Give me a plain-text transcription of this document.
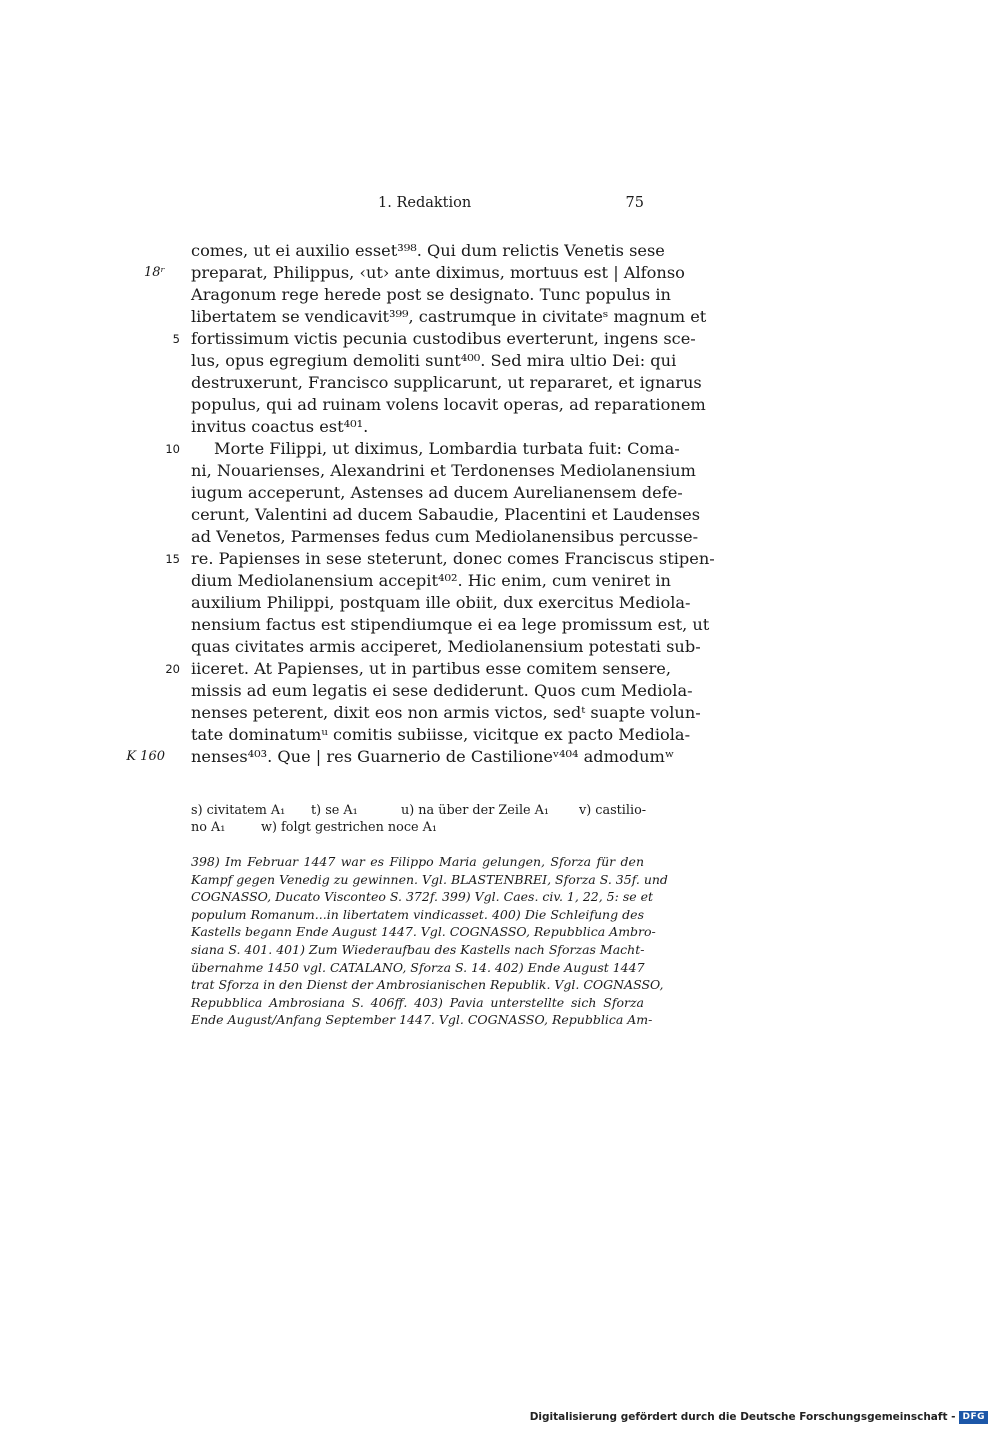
1. Redaktion	75
comes, ut ei auxilio esset³⁹⁸. Qui dum relictis Venetis sese
preparat, Philippus, ‹ut› ante diximus, mortuus est | Alfonso
18ʳ
Aragonum rege herede post se designato. Tunc populus in
libertatem se vendicavit³⁹⁹, castrumque in civitateˢ magnum et
fortissimum victis pecunia custodibus everterunt, ingens sce-
5
lus, opus egregium demoliti sunt⁴⁰⁰. Sed mira ultio Dei: qui
destruxerunt, Francisco supplicarunt, ut repararet, et ignarus
populus, qui ad ruinam volens locavit operas, ad reparationem
invitus coactus est⁴⁰¹.
Morte Filippi, ut diximus, Lombardia turbata fuit: Coma-
10
ni, Nouarienses, Alexandrini et Terdonenses Mediolanensium
iugum acceperunt, Astenses ad ducem Aurelianensem defe-
cerunt, Valentini ad ducem Sabaudie, Placentini et Laudenses
ad Venetos, Parmenses fedus cum Mediolanensibus percusse-
re. Papienses in sese steterunt, donec comes Franciscus stipen-
15
dium Mediolanensium accepit⁴⁰². Hic enim, cum veniret in
auxilium Philippi, postquam ille obiit, dux exercitus Mediola-
nensium factus est stipendiumque ei ea lege promissum est, ut
quas civitates armis acciperet, Mediolanensium potestati sub-
iiceret. At Papienses, ut in partibus esse comitem sensere,
20
missis ad eum legatis ei sese dediderunt. Quos cum Mediola-
nenses peterent, dixit eos non armis victos, sedᵗ suapte volun-
tate dominatumᵘ comitis subiisse, vicitque ex pacto Mediola-
nenses⁴⁰³. Que | res Guarnerio de Castilioneᵛ⁴⁰⁴ admodumʷ
K 160
s) civitatem A₁ t) se A₁	u) na über der Zeile A₁ v) castilio-
no A₁	w) folgt gestrichen noce A₁
398) Im Februar 1447 war es Filippo Maria gelungen, Sforza für den
Kampf gegen Venedig zu gewinnen. Vgl. BLASTENBREI, Sforza S. 35f. und
COGNASSO, Ducato Visconteo S. 372f. 399) Vgl. Caes. civ. 1, 22, 5: se et
populum Romanum...in libertatem vindicasset. 400) Die Schleifung des
Kastells begann Ende August 1447. Vgl. COGNASSO, Repubblica Ambro-
siana S. 401. 401) Zum Wiederaufbau des Kastells nach Sforzas Macht-
übernahme 1450 vgl. CATALANO, Sforza S. 14. 402) Ende August 1447
trat Sforza in den Dienst der Ambrosianischen Republik. Vgl. COGNASSO,
Repubblica Ambrosiana S. 406ff. 403) Pavia unterstellte sich Sforza
Ende August/Anfang September 1447. Vgl. COGNASSO, Repubblica Am-
Digitalisierung gefördert durch die Deutsche Forschungsgemeinschaft - DFG
